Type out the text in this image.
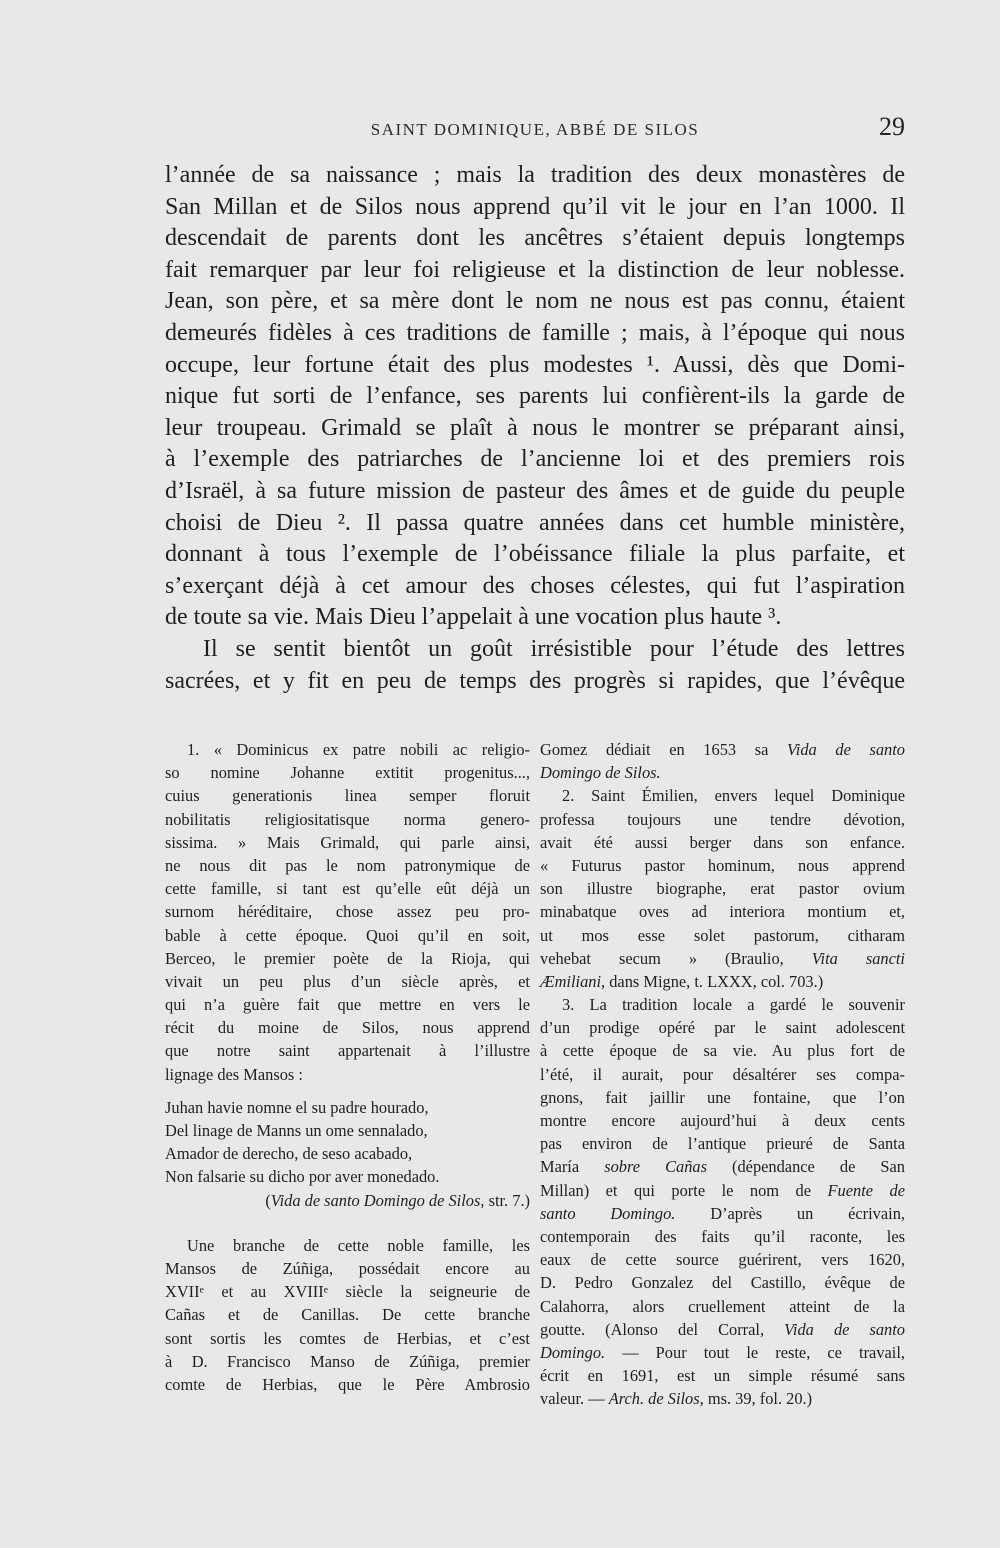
SAINT DOMINIQUE, ABBÉ DE SILOS	29
l’année de sa naissance ; mais la tradition des deux monastères de
San Millan et de Silos nous apprend qu’il vit le jour en l’an 1000. Il
descendait de parents dont les ancêtres s’étaient depuis longtemps
fait remarquer par leur foi religieuse et la distinction de leur noblesse.
Jean, son père, et sa mère dont le nom ne nous est pas connu, étaient
demeurés fidèles à ces traditions de famille ; mais, à l’époque qui nous
occupe, leur fortune était des plus modestes ¹. Aussi, dès que Domi-
nique fut sorti de l’enfance, ses parents lui confièrent-ils la garde de
leur troupeau. Grimald se plaît à nous le montrer se préparant ainsi,
à l’exemple des patriarches de l’ancienne loi et des premiers rois
d’Israël, à sa future mission de pasteur des âmes et de guide du peuple
choisi de Dieu ². Il passa quatre années dans cet humble ministère,
donnant à tous l’exemple de l’obéissance filiale la plus parfaite, et
s’exerçant déjà à cet amour des choses célestes, qui fut l’aspiration
de toute sa vie. Mais Dieu l’appelait à une vocation plus haute ³.
Il se sentit bientôt un goût irrésistible pour l’étude des lettres
sacrées, et y fit en peu de temps des progrès si rapides, que l’évêque
1. « Dominicus ex patre nobili ac religio-
so nomine Johanne extitit progenitus...,
cuius generationis linea semper floruit
nobilitatis religiositatisque norma genero-
sissima. » Mais Grimald, qui parle ainsi,
ne nous dit pas le nom patronymique de
cette famille, si tant est qu’elle eût déjà un
surnom héréditaire, chose assez peu pro-
bable à cette époque. Quoi qu’il en soit,
Berceo, le premier poète de la Rioja, qui
vivait un peu plus d’un siècle après, et
qui n’a guère fait que mettre en vers le
récit du moine de Silos, nous apprend
que notre saint appartenait à l’illustre
lignage des Mansos :
Juhan havie nomne el su padre hourado,
Del linage de Manns un ome sennalado,
Amador de derecho, de seso acabado,
Non falsarie su dicho por aver monedado.
(Vida de santo Domingo de Silos, str. 7.)
Une branche de cette noble famille, les
Mansos de Zúñiga, possédait encore au
XVIIᵉ et au XVIIIᵉ siècle la seigneurie de
Cañas et de Canillas. De cette branche
sont sortis les comtes de Herbias, et c’est
à D. Francisco Manso de Zúñiga, premier
comte de Herbias, que le Père Ambrosio
Gomez dédiait en 1653 sa Vida de santo
Domingo de Silos.
2. Saint Émilien, envers lequel Dominique
professa toujours une tendre dévotion,
avait été aussi berger dans son enfance.
« Futurus pastor hominum, nous apprend
son illustre biographe, erat pastor ovium
minabatque oves ad interiora montium et,
ut mos esse solet pastorum, citharam
vehebat secum » (Braulio, Vita sancti
Æmiliani, dans Migne, t. LXXX, col. 703.)
3. La tradition locale a gardé le souvenir
d’un prodige opéré par le saint adolescent
à cette époque de sa vie. Au plus fort de
l’été, il aurait, pour désaltérer ses compa-
gnons, fait jaillir une fontaine, que l’on
montre encore aujourd’hui à deux cents
pas environ de l’antique prieuré de Santa
María sobre Cañas (dépendance de San
Millan) et qui porte le nom de Fuente de
santo Domingo. D’après un écrivain,
contemporain des faits qu’il raconte, les
eaux de cette source guérirent, vers 1620,
D. Pedro Gonzalez del Castillo, évêque de
Calahorra, alors cruellement atteint de la
goutte. (Alonso del Corral, Vida de santo
Domingo. — Pour tout le reste, ce travail,
écrit en 1691, est un simple résumé sans
valeur. — Arch. de Silos, ms. 39, fol. 20.)
